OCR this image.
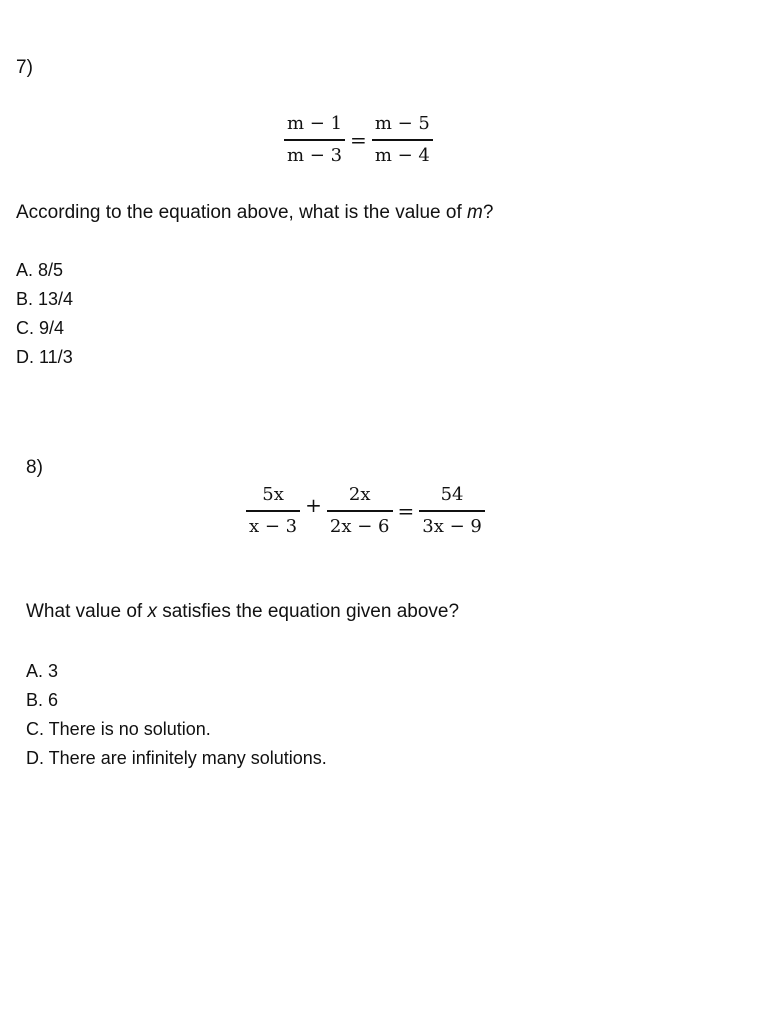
7)
$\frac{m - 1}{m - 3} = \frac{m - 5}{m - 4}$
According to the equation above, what is the value of m?
A. 8/5
B. 13/4
C. 9/4
D. 11/3
8)
$\frac{5x}{x - 3} + \frac{2x}{2x - 6} = \frac{54}{3x - 9}$
What value of x satisfies the equation given above?
A. 3
B. 6
C. There is no solution.
D. There are infinitely many solutions.
